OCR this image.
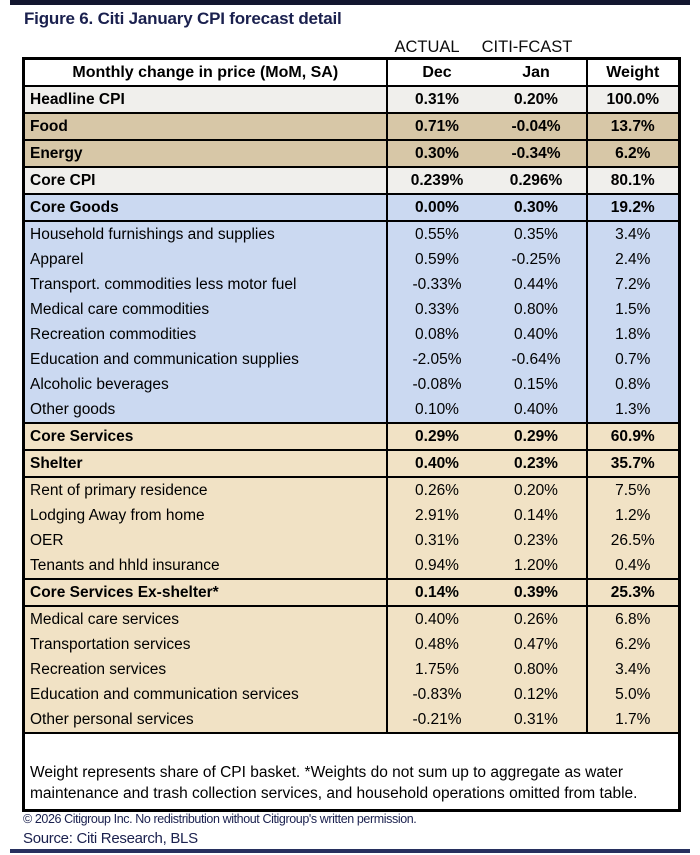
Figure 6. Citi January CPI forecast detail
ACTUAL	CITI-FCAST
Monthly change in price (MoM, SA)	Dec	Jan	Weight
Headline CPI	0.31%	0.20%	100.0%
Food	0.71%	-0.04%	13.7%
Energy	0.30%	-0.34%	6.2%
Core CPI	0.239%	0.296%	80.1%
Core Goods	0.00%	0.30%	19.2%
Household furnishings and supplies	0.55%	0.35%	3.4%
Apparel	0.59%	-0.25%	2.4%
Transport. commodities less motor fuel	-0.33%	0.44%	7.2%
Medical care commodities	0.33%	0.80%	1.5%
Recreation commodities	0.08%	0.40%	1.8%
Education and communication supplies	-2.05%	-0.64%	0.7%
Alcoholic beverages	-0.08%	0.15%	0.8%
Other goods	0.10%	0.40%	1.3%
Core Services	0.29%	0.29%	60.9%
Shelter	0.40%	0.23%	35.7%
Rent of primary residence	0.26%	0.20%	7.5%
Lodging Away from home	2.91%	0.14%	1.2%
OER	0.31%	0.23%	26.5%
Tenants and hhld insurance	0.94%	1.20%	0.4%
Core Services Ex-shelter*	0.14%	0.39%	25.3%
Medical care services	0.40%	0.26%	6.8%
Transportation services	0.48%	0.47%	6.2%
Recreation services	1.75%	0.80%	3.4%
Education and communication services	-0.83%	0.12%	5.0%
Other personal services	-0.21%	0.31%	1.7%
Weight represents share of CPI basket. *Weights do not sum up to aggregate as water maintenance and trash collection services, and household operations omitted from table.			
© 2026 Citigroup Inc. No redistribution without Citigroup's written permission.
Source: Citi Research, BLS
